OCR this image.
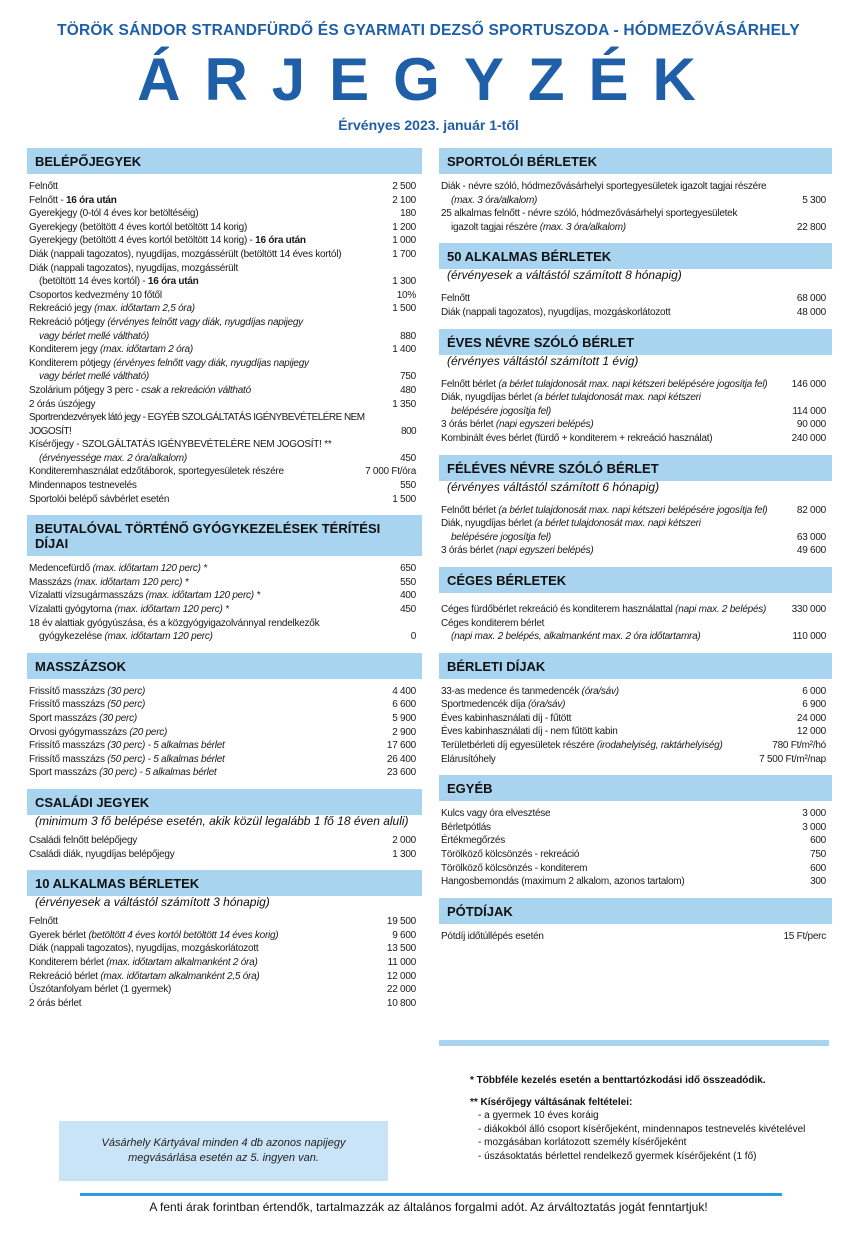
TÖRÖK SÁNDOR STRANDFÜRDŐ ÉS GYARMATI DEZSŐ SPORTUSZODA - HÓDMEZŐVÁSÁRHELY
ÁRJEGYZÉK
Érvényes 2023. január 1-től
BELÉPŐJEGYEK
Felnőtt	2 500
Felnőtt - 16 óra után	2 100
Gyerekjegy (0-tól 4 éves kor betöltéséig)	180
Gyerekjegy (betöltött 4 éves kortól betöltött 14 korig)	1 200
Gyerekjegy (betöltött 4 éves kortól betöltött 14 korig) - 16 óra után	1 000
Diák (nappali tagozatos), nyugdíjas, mozgássérült (betöltött 14 éves kortól)	1 700
Diák (nappali tagozatos), nyugdíjas, mozgássérült
(betöltött 14 éves kortól) - 16 óra után	1 300
Csoportos kedvezmény 10 főtől	10%
Rekreáció jegy (max. időtartam 2,5 óra)	1 500
Rekreáció pótjegy (érvényes felnőtt vagy diák, nyugdíjas napijegy
vagy bérlet mellé váltható)	880
Konditerem jegy (max. időtartam 2 óra)	1 400
Konditerem pótjegy (érvényes felnőtt vagy diák, nyugdíjas napijegy
vagy bérlet mellé váltható)	750
Szolárium pótjegy 3 perc - csak a rekreáción váltható	480
2 órás úszójegy	1 350
Sportrendezvények látó jegy - EGYÉB SZOLGÁLTATÁS IGÉNYBEVÉTELÉRE NEM JOGOSÍT!	800
Kísérőjegy - SZOLGÁLTATÁS IGÉNYBEVÉTELÉRE NEM JOGOSÍT! **
(érvényessége max. 2 óra/alkalom)	450
Konditeremhasználat edzőtáborok, sportegyesületek részére	7 000 Ft/óra
Mindennapos testnevelés	550
Sportolói belépő sávbérlet esetén	1 500
BEUTALÓVAL TÖRTÉNŐ GYÓGYKEZELÉSEK TÉRÍTÉSI DÍJAI
Medencefürdő (max. időtartam 120 perc) *	650
Masszázs (max. időtartam 120 perc) *	550
Vízalatti vízsugármasszázs (max. időtartam 120 perc) *	400
Vízalatti gyógytorna (max. időtartam 120 perc) *	450
18 év alattiak gyógyúszása, és a közgyógyigazolvánnyal rendelkezők
gyógykezelése (max. időtartam 120 perc)	0
MASSZÁZSOK
Frissítő masszázs (30 perc)	4 400
Frissítő masszázs (50 perc)	6 600
Sport masszázs (30 perc)	5 900
Orvosi gyógymasszázs (20 perc)	2 900
Frissítő masszázs (30 perc) - 5 alkalmas bérlet	17 600
Frissítő masszázs (50 perc) - 5 alkalmas bérlet	26 400
Sport masszázs (30 perc) - 5 alkalmas bérlet	23 600
CSALÁDI JEGYEK
(minimum 3 fő belépése esetén, akik közül legalább 1 fő 18 éven aluli)
Családi felnőtt belépőjegy	2 000
Családi diák, nyugdíjas belépőjegy	1 300
10 ALKALMAS BÉRLETEK
(érvényesek a váltástól számított 3 hónapig)
Felnőtt	19 500
Gyerek bérlet (betöltött 4 éves kortól betöltött 14 éves korig)	9 600
Diák (nappali tagozatos), nyugdíjas, mozgáskorlátozott	13 500
Konditerem bérlet (max. időtartam alkalmanként 2 óra)	11 000
Rekreáció bérlet (max. időtartam alkalmanként 2,5 óra)	12 000
Úszótanfolyam bérlet (1 gyermek)	22 000
2 órás bérlet	10 800
SPORTOLÓI BÉRLETEK
Diák - névre szóló, hódmezővásárhelyi sportegyesületek igazolt tagjai részére
(max. 3 óra/alkalom)	5 300
25 alkalmas felnőtt - névre szóló, hódmezővásárhelyi sportegyesületek
igazolt tagjai részére (max. 3 óra/alkalom)	22 800
50 ALKALMAS BÉRLETEK
(érvényesek a váltástól számított 8 hónapig)
Felnőtt	68 000
Diák (nappali tagozatos), nyugdíjas, mozgáskorlátozott	48 000
ÉVES NÉVRE SZÓLÓ BÉRLET
(érvényes váltástól számított 1 évig)
Felnőtt bérlet (a bérlet tulajdonosát max. napi kétszeri belépésére jogosítja fel)	146 000
Diák, nyugdíjas bérlet (a bérlet tulajdonosát max. napi kétszeri
belépésére jogosítja fel)	114 000
3 órás bérlet (napi egyszeri belépés)	90 000
Kombinált éves bérlet (fürdő + konditerem + rekreáció használat)	240 000
FÉLÉVES NÉVRE SZÓLÓ BÉRLET
(érvényes váltástól számított 6 hónapig)
Felnőtt bérlet (a bérlet tulajdonosát max. napi kétszeri belépésére jogosítja fel)	82 000
Diák, nyugdíjas bérlet (a bérlet tulajdonosát max. napi kétszeri
belépésére jogosítja fel)	63 000
3 órás bérlet (napi egyszeri belépés)	49 600
CÉGES BÉRLETEK
Céges fürdőbérlet rekreáció és konditerem használattal (napi max. 2 belépés)	330 000
Céges konditerem bérlet
(napi max. 2 belépés, alkalmanként max. 2 óra időtartamra)	110 000
BÉRLETI DÍJAK
33-as medence és tanmedencék (óra/sáv)	6 000
Sportmedencék díja (óra/sáv)	6 900
Éves kabinhasználati díj - fűtött	24 000
Éves kabinhasználati díj - nem fűtött kabin	12 000
Területbérleti díj egyesületek részére (irodahelyiség, raktárhelyiség)	780 Ft/m²/hó
Elárusítóhely	7 500 Ft/m²/nap
EGYÉB
Kulcs vagy óra elvesztése	3 000
Bérletpótlás	3 000
Értékmegőrzés	600
Törölköző kölcsönzés - rekreáció	750
Törölköző kölcsönzés - konditerem	600
Hangosbemondás (maximum 2 alkalom, azonos tartalom)	300
PÓTDÍJAK
Pótdíj időtúllépés esetén	15 Ft/perc
Vásárhely Kártyával minden 4 db azonos napijegy
megvásárlása esetén az 5. ingyen van.
* Többféle kezelés esetén a benttartózkodási idő összeadódik.
** Kísérőjegy váltásának feltételei:
- a gyermek 10 éves koráig
- diákokból álló csoport kísérőjeként, mindennapos testnevelés kivételével
- mozgásában korlátozott személy kísérőjeként
- úszásoktatás bérlettel rendelkező gyermek kísérőjeként (1 fő)
A fenti árak forintban értendők, tartalmazzák az általános forgalmi adót. Az árváltoztatás jogát fenntartjuk!
